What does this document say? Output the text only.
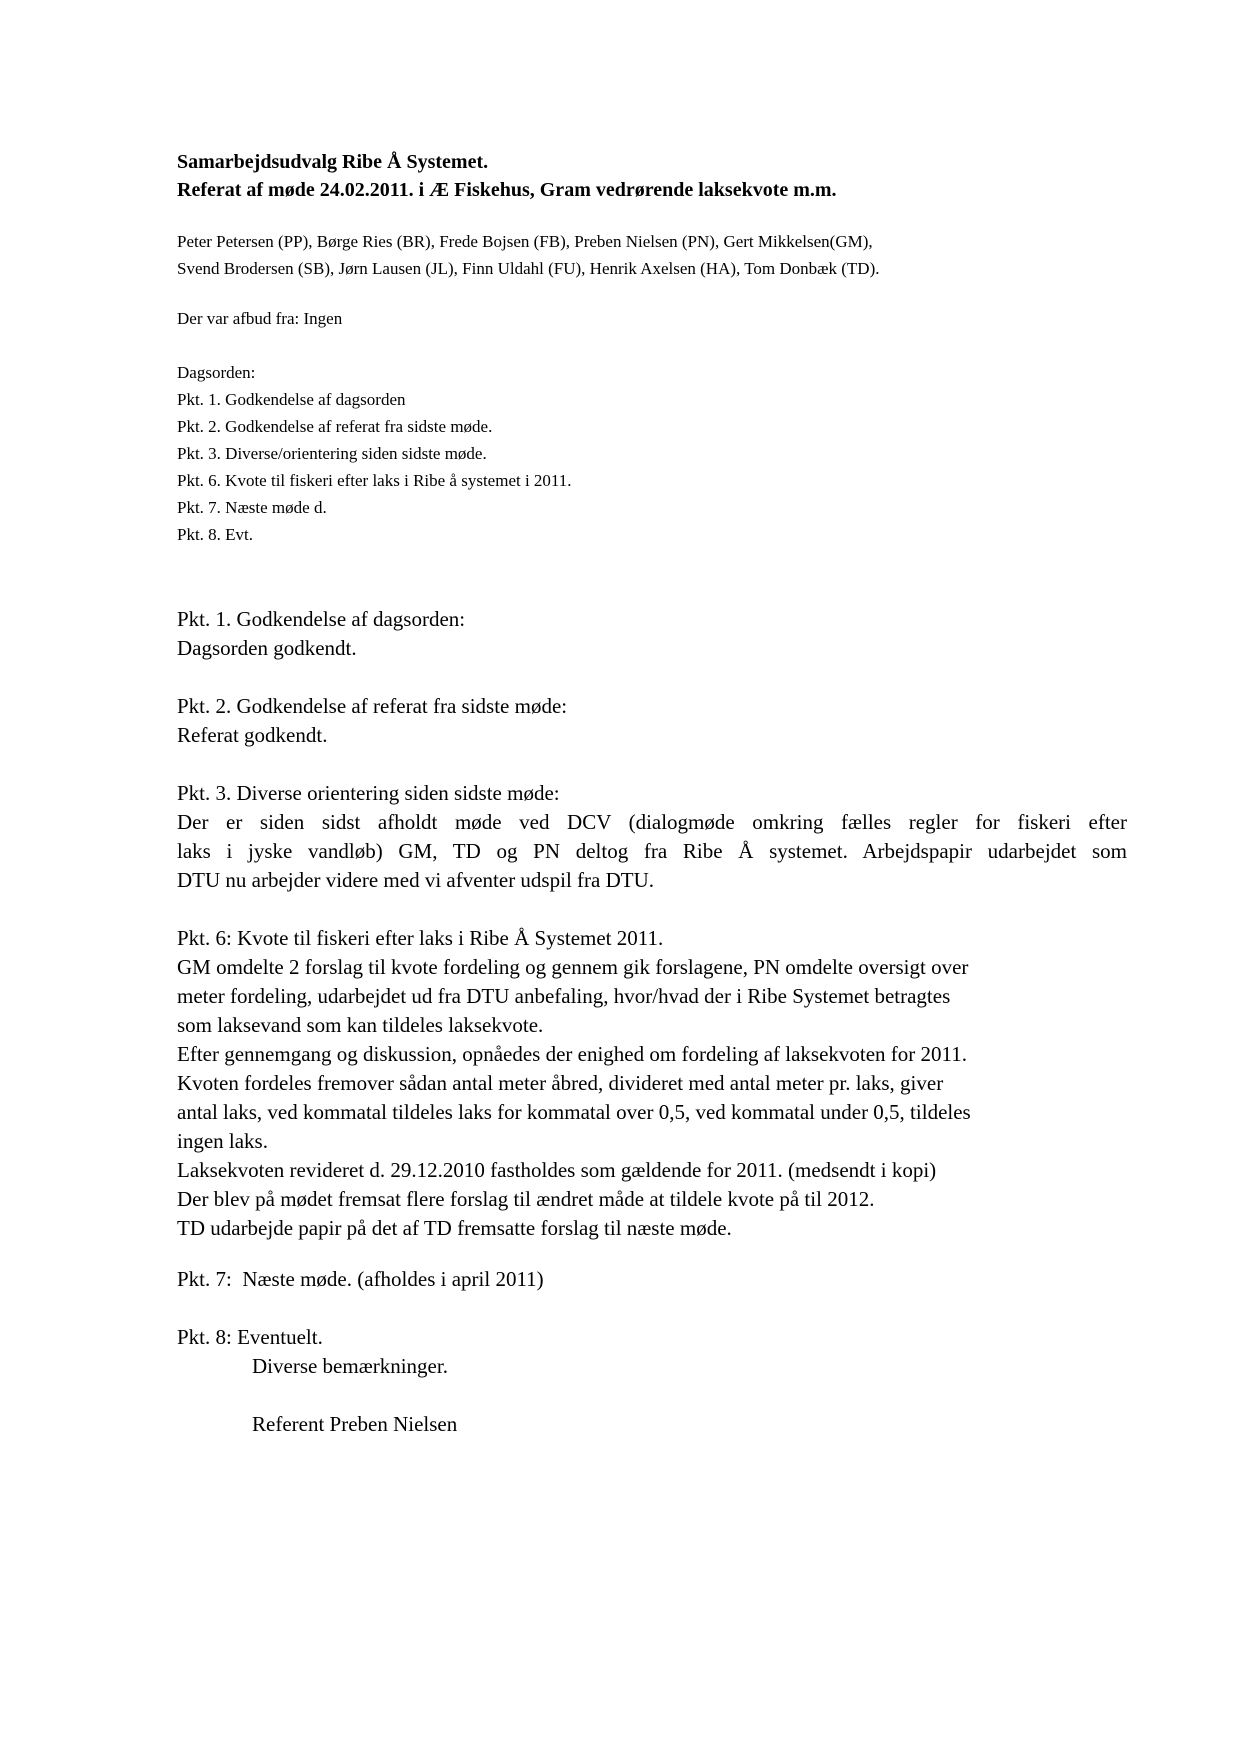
Samarbejdsudvalg Ribe Å Systemet.
Referat af møde 24.02.2011. i Æ Fiskehus, Gram vedrørende laksekvote m.m.
Peter Petersen (PP), Børge Ries (BR), Frede Bojsen (FB), Preben Nielsen (PN), Gert Mikkelsen(GM),
Svend Brodersen (SB), Jørn Lausen (JL), Finn Uldahl (FU), Henrik Axelsen (HA), Tom Donbæk (TD).
Der var afbud fra: Ingen
Dagsorden:
Pkt. 1. Godkendelse af dagsorden
Pkt. 2. Godkendelse af referat fra sidste møde.
Pkt. 3. Diverse/orientering siden sidste møde.
Pkt. 6. Kvote til fiskeri efter laks i Ribe å systemet i 2011.
Pkt. 7. Næste møde d.
Pkt. 8. Evt.
Pkt. 1. Godkendelse af dagsorden:
Dagsorden godkendt.
Pkt. 2. Godkendelse af referat fra sidste møde:
Referat godkendt.
Pkt. 3. Diverse orientering siden sidste møde:
Der er siden sidst afholdt møde ved DCV (dialogmøde omkring fælles regler for fiskeri efter
laks i jyske vandløb) GM, TD og PN deltog fra Ribe Å systemet. Arbejdspapir udarbejdet som
DTU nu arbejder videre med vi afventer udspil fra DTU.
Pkt. 6: Kvote til fiskeri efter laks i Ribe Å Systemet 2011.
GM omdelte 2 forslag til kvote fordeling og gennem gik forslagene, PN omdelte oversigt over
meter fordeling, udarbejdet ud fra DTU anbefaling, hvor/hvad der i Ribe Systemet betragtes
som laksevand som kan tildeles laksekvote.
Efter gennemgang og diskussion, opnåedes der enighed om fordeling af laksekvoten for 2011.
Kvoten fordeles fremover sådan antal meter åbred, divideret med antal meter pr. laks, giver
antal laks, ved kommatal tildeles laks for kommatal over 0,5, ved kommatal under 0,5, tildeles
ingen laks.
Laksekvoten revideret d. 29.12.2010 fastholdes som gældende for 2011. (medsendt i kopi)
Der blev på mødet fremsat flere forslag til ændret måde at tildele kvote på til 2012.
TD udarbejde papir på det af TD fremsatte forslag til næste møde.
Pkt. 7:  Næste møde. (afholdes i april 2011)
Pkt. 8: Eventuelt.
Diverse bemærkninger.
Referent Preben Nielsen
